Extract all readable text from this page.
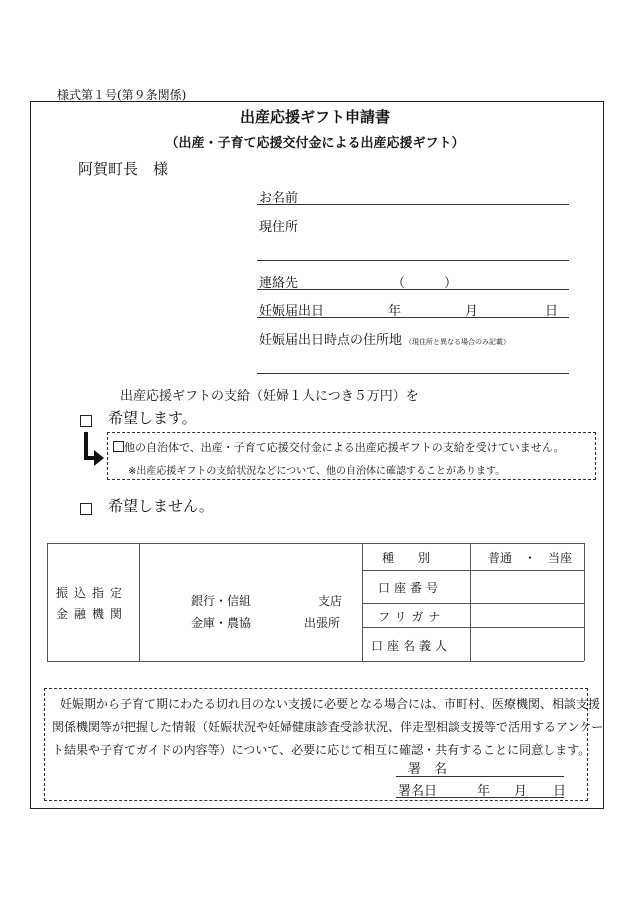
様式第１号(第９条関係)
出産応援ギフト申請書
（出産・子育て応援交付金による出産応援ギフト）
阿賀町長　様
お名前
現住所
連絡先	（　　　）
妊娠届出日	年	月	日
妊娠届出日時点の住所地 （現住所と異なる場合のみ記載）
出産応援ギフトの支給（妊婦１人につき５万円）を
希望します。
他の自治体で、出産・子育て応援交付金による出産応援ギフトの支給を受けていません。
※出産応援ギフトの支給状況などについて、他の自治体に確認することがあります。
希望しません。
振込指定
金融機関
銀行・信組
金庫・農協
支店
出張所
種　　別	普通　・　当座
口座番号
フリガナ
口座名義人
妊娠期から子育て期にわたる切れ目のない支援に必要となる場合には、市町村、医療機関、相談支援
関係機関等が把握した情報（妊娠状況や妊婦健康診査受診状況、伴走型相談支援等で活用するアンケー
ト結果や子育てガイドの内容等）について、必要に応じて相互に確認・共有することに同意します。
署　名
署名日	年 月 日
